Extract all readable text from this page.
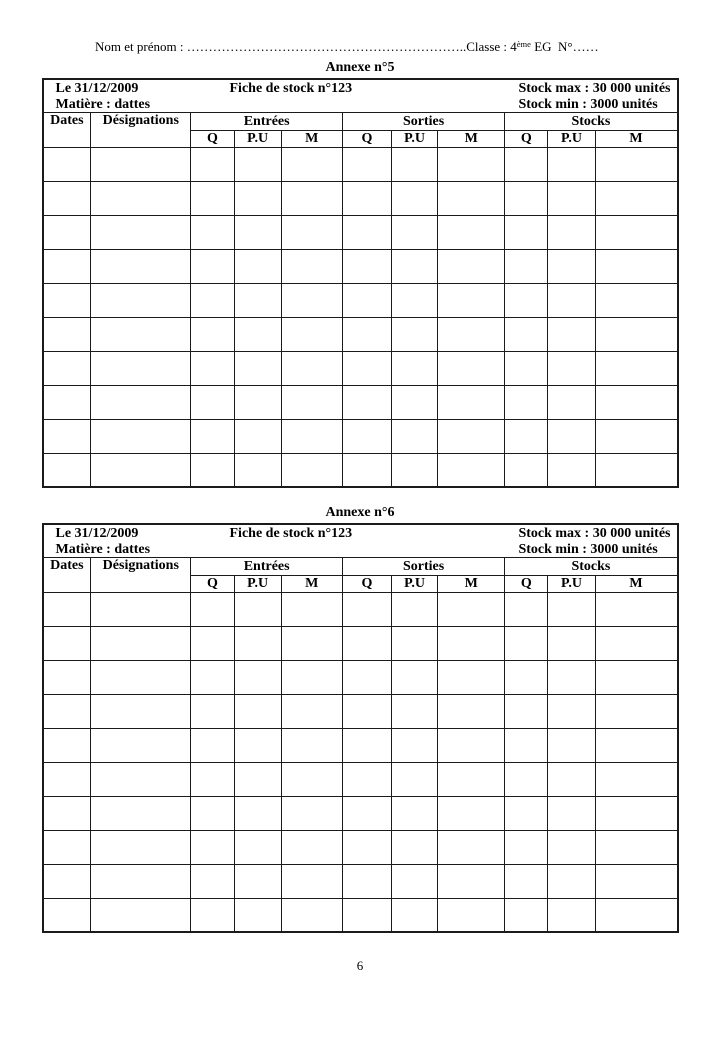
Nom et prénom : ………………………………………………………..Classe : 4ème EG  N°……
Annexe n°5
Le 31/12/2009
Matière : dattes
Fiche de stock n°123 Stock max : 30 000 unités
Stock min : 3000 unités										

Dates	Désignations	Entrées			Sorties			Stocks		
		Q	P.U	M	Q	P.U	M	Q	P.U	M

Annexe n°6
Le 31/12/2009
Matière : dattes
Fiche de stock n°123 Stock max : 30 000 unités
Stock min : 3000 unités										

Dates	Désignations	Entrées			Sorties			Stocks		
		Q	P.U	M	Q	P.U	M	Q	P.U	M

6
